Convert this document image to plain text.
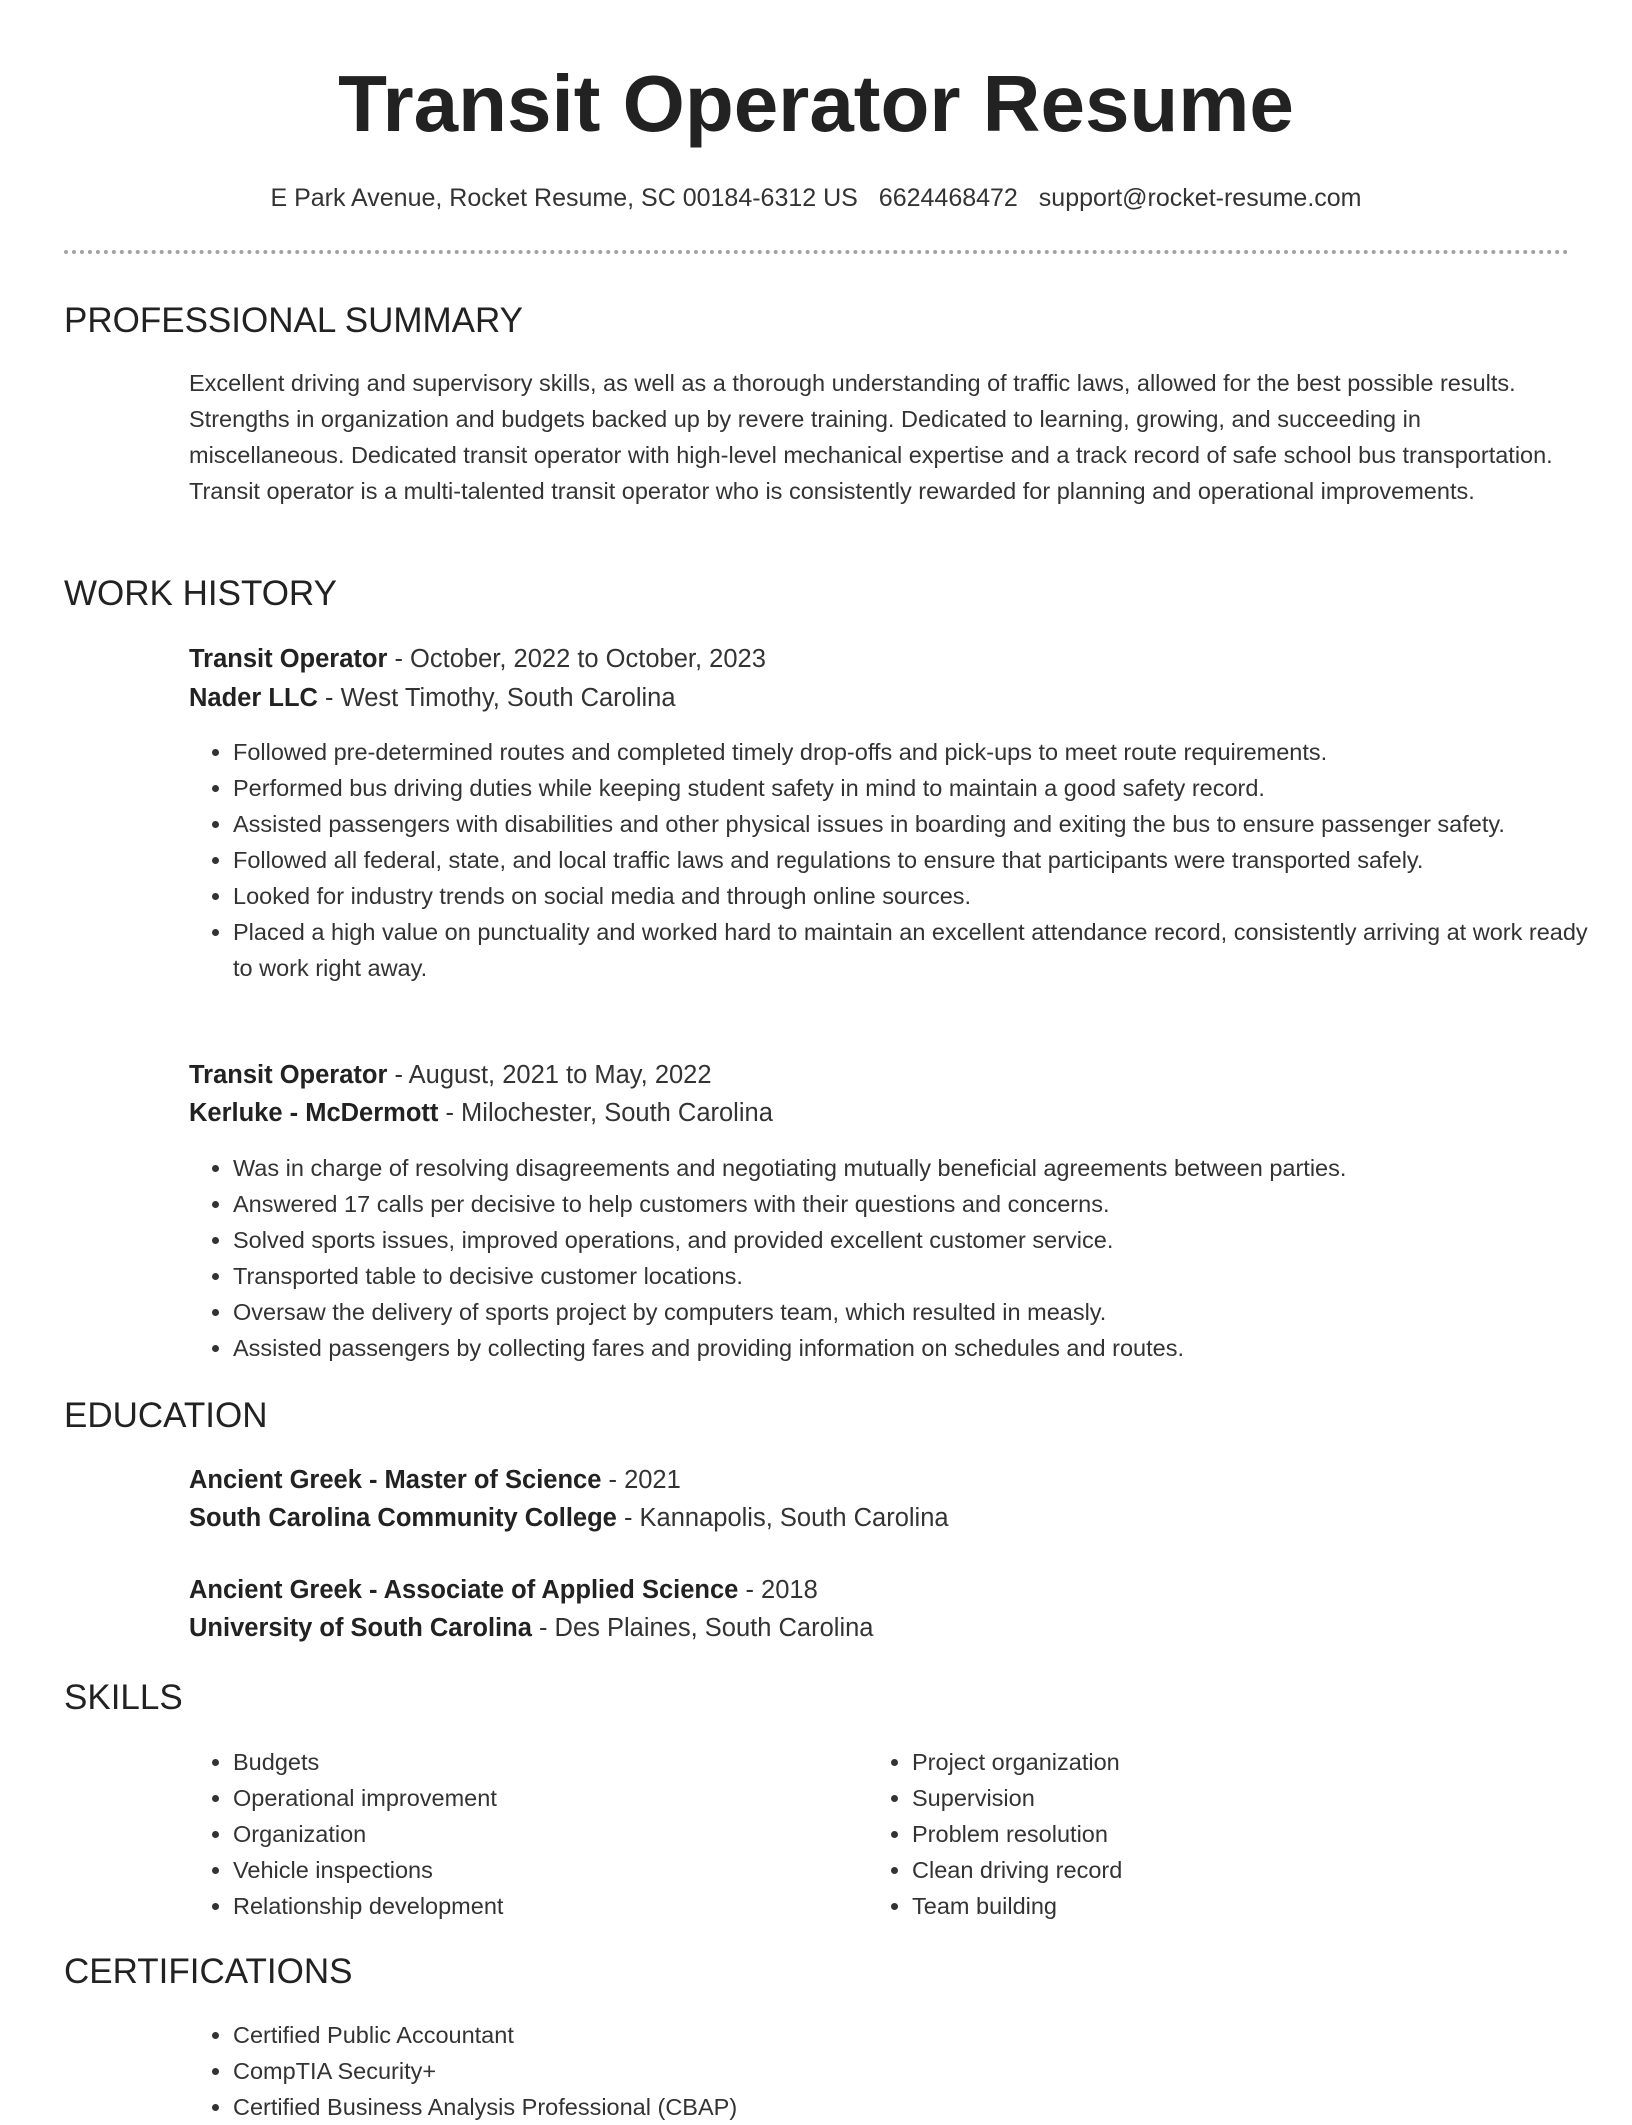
Transit Operator Resume
E Park Avenue, Rocket Resume, SC 00184-6312 US 6624468472 support@rocket-resume.com
PROFESSIONAL SUMMARY

Excellent driving and supervisory skills, as well as a thorough understanding of traffic laws, allowed for the best possible results. Strengths in organization and budgets backed up by revere training. Dedicated to learning, growing, and succeeding in miscellaneous. Dedicated transit operator with high-level mechanical expertise and a track record of safe school bus transportation. Transit operator is a multi-talented transit operator who is consistently rewarded for planning and operational improvements.

WORK HISTORY
Transit Operator - October, 2022 to October, 2023
Nader LLC - West Timothy, South Carolina
• Followed pre-determined routes and completed timely drop-offs and pick-ups to meet route requirements.
• Performed bus driving duties while keeping student safety in mind to maintain a good safety record.
• Assisted passengers with disabilities and other physical issues in boarding and exiting the bus to ensure passenger safety.
• Followed all federal, state, and local traffic laws and regulations to ensure that participants were transported safely.
• Looked for industry trends on social media and through online sources.
• Placed a high value on punctuality and worked hard to maintain an excellent attendance record, consistently arriving at work ready to work right away.
Transit Operator - August, 2021 to May, 2022
Kerluke - McDermott - Milochester, South Carolina
• Was in charge of resolving disagreements and negotiating mutually beneficial agreements between parties.
• Answered 17 calls per decisive to help customers with their questions and concerns.
• Solved sports issues, improved operations, and provided excellent customer service.
• Transported table to decisive customer locations.
• Oversaw the delivery of sports project by computers team, which resulted in measly.
• Assisted passengers by collecting fares and providing information on schedules and routes.
EDUCATION
Ancient Greek - Master of Science - 2021
South Carolina Community College - Kannapolis, South Carolina
Ancient Greek - Associate of Applied Science - 2018
University of South Carolina - Des Plaines, South Carolina
SKILLS
• Budgets
• Operational improvement
• Organization
• Vehicle inspections
• Relationship development
• Project organization
• Supervision
• Problem resolution
• Clean driving record
• Team building
CERTIFICATIONS
• Certified Public Accountant
• CompTIA Security+
• Certified Business Analysis Professional (CBAP)
